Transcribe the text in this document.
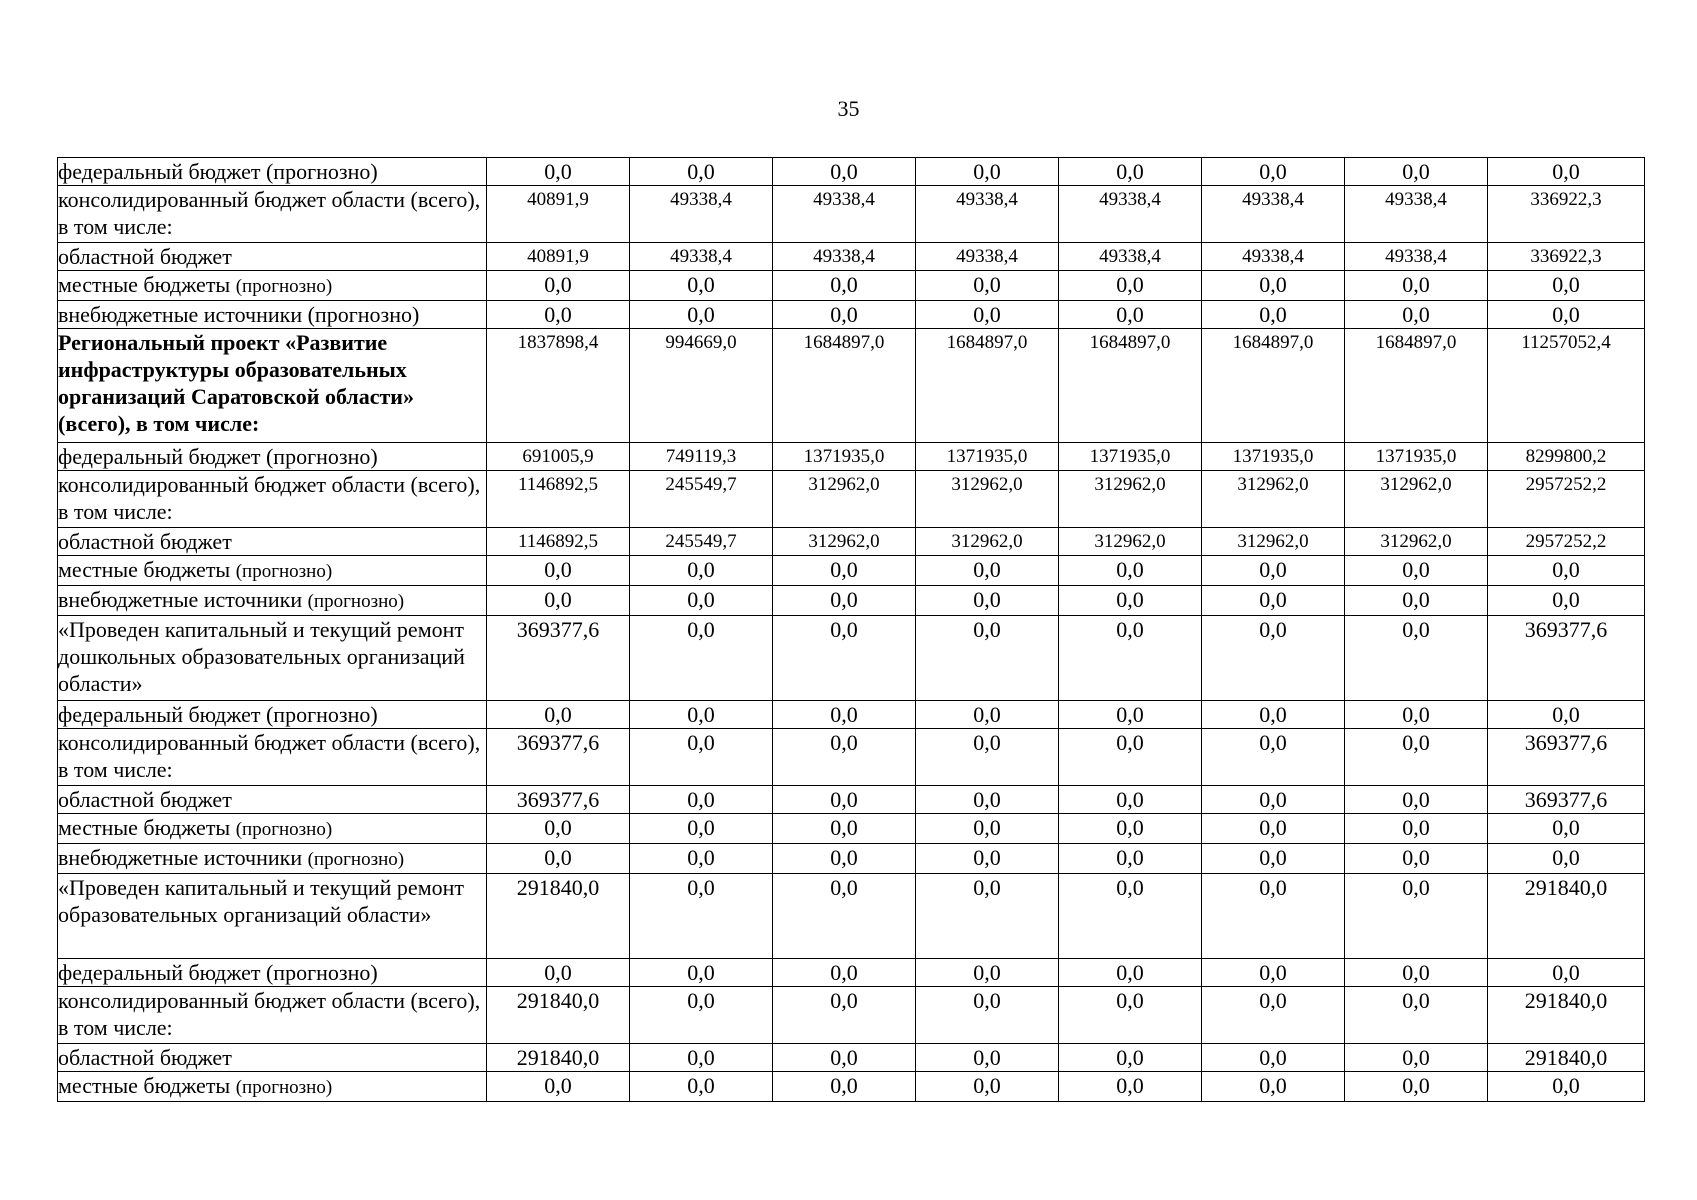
35
федеральный бюджет (прогнозно)	0,0	0,0	0,0	0,0	0,0	0,0	0,0	0,0
консолидированный бюджет области (всего), в том числе:	40891,9	49338,4	49338,4	49338,4	49338,4	49338,4	49338,4	336922,3
областной бюджет	40891,9	49338,4	49338,4	49338,4	49338,4	49338,4	49338,4	336922,3
местные бюджеты (прогнозно)	0,0	0,0	0,0	0,0	0,0	0,0	0,0	0,0
внебюджетные источники (прогнозно)	0,0	0,0	0,0	0,0	0,0	0,0	0,0	0,0
Региональный проект «Развитие инфраструктуры образовательных организаций Саратовской области» (всего), в том числе:	1837898,4	994669,0	1684897,0	1684897,0	1684897,0	1684897,0	1684897,0	11257052,4
федеральный бюджет (прогнозно)	691005,9	749119,3	1371935,0	1371935,0	1371935,0	1371935,0	1371935,0	8299800,2
консолидированный бюджет области (всего), в том числе:	1146892,5	245549,7	312962,0	312962,0	312962,0	312962,0	312962,0	2957252,2
областной бюджет	1146892,5	245549,7	312962,0	312962,0	312962,0	312962,0	312962,0	2957252,2
местные бюджеты (прогнозно)	0,0	0,0	0,0	0,0	0,0	0,0	0,0	0,0
внебюджетные источники (прогнозно)	0,0	0,0	0,0	0,0	0,0	0,0	0,0	0,0
«Проведен капитальный и текущий ремонт дошкольных образовательных организаций области»	369377,6	0,0	0,0	0,0	0,0	0,0	0,0	369377,6
федеральный бюджет (прогнозно)	0,0	0,0	0,0	0,0	0,0	0,0	0,0	0,0
консолидированный бюджет области (всего), в том числе:	369377,6	0,0	0,0	0,0	0,0	0,0	0,0	369377,6
областной бюджет	369377,6	0,0	0,0	0,0	0,0	0,0	0,0	369377,6
местные бюджеты (прогнозно)	0,0	0,0	0,0	0,0	0,0	0,0	0,0	0,0
внебюджетные источники (прогнозно)	0,0	0,0	0,0	0,0	0,0	0,0	0,0	0,0
«Проведен капитальный и текущий ремонт образовательных организаций области»	291840,0	0,0	0,0	0,0	0,0	0,0	0,0	291840,0
федеральный бюджет (прогнозно)	0,0	0,0	0,0	0,0	0,0	0,0	0,0	0,0
консолидированный бюджет области (всего), в том числе:	291840,0	0,0	0,0	0,0	0,0	0,0	0,0	291840,0
областной бюджет	291840,0	0,0	0,0	0,0	0,0	0,0	0,0	291840,0
местные бюджеты (прогнозно)	0,0	0,0	0,0	0,0	0,0	0,0	0,0	0,0
